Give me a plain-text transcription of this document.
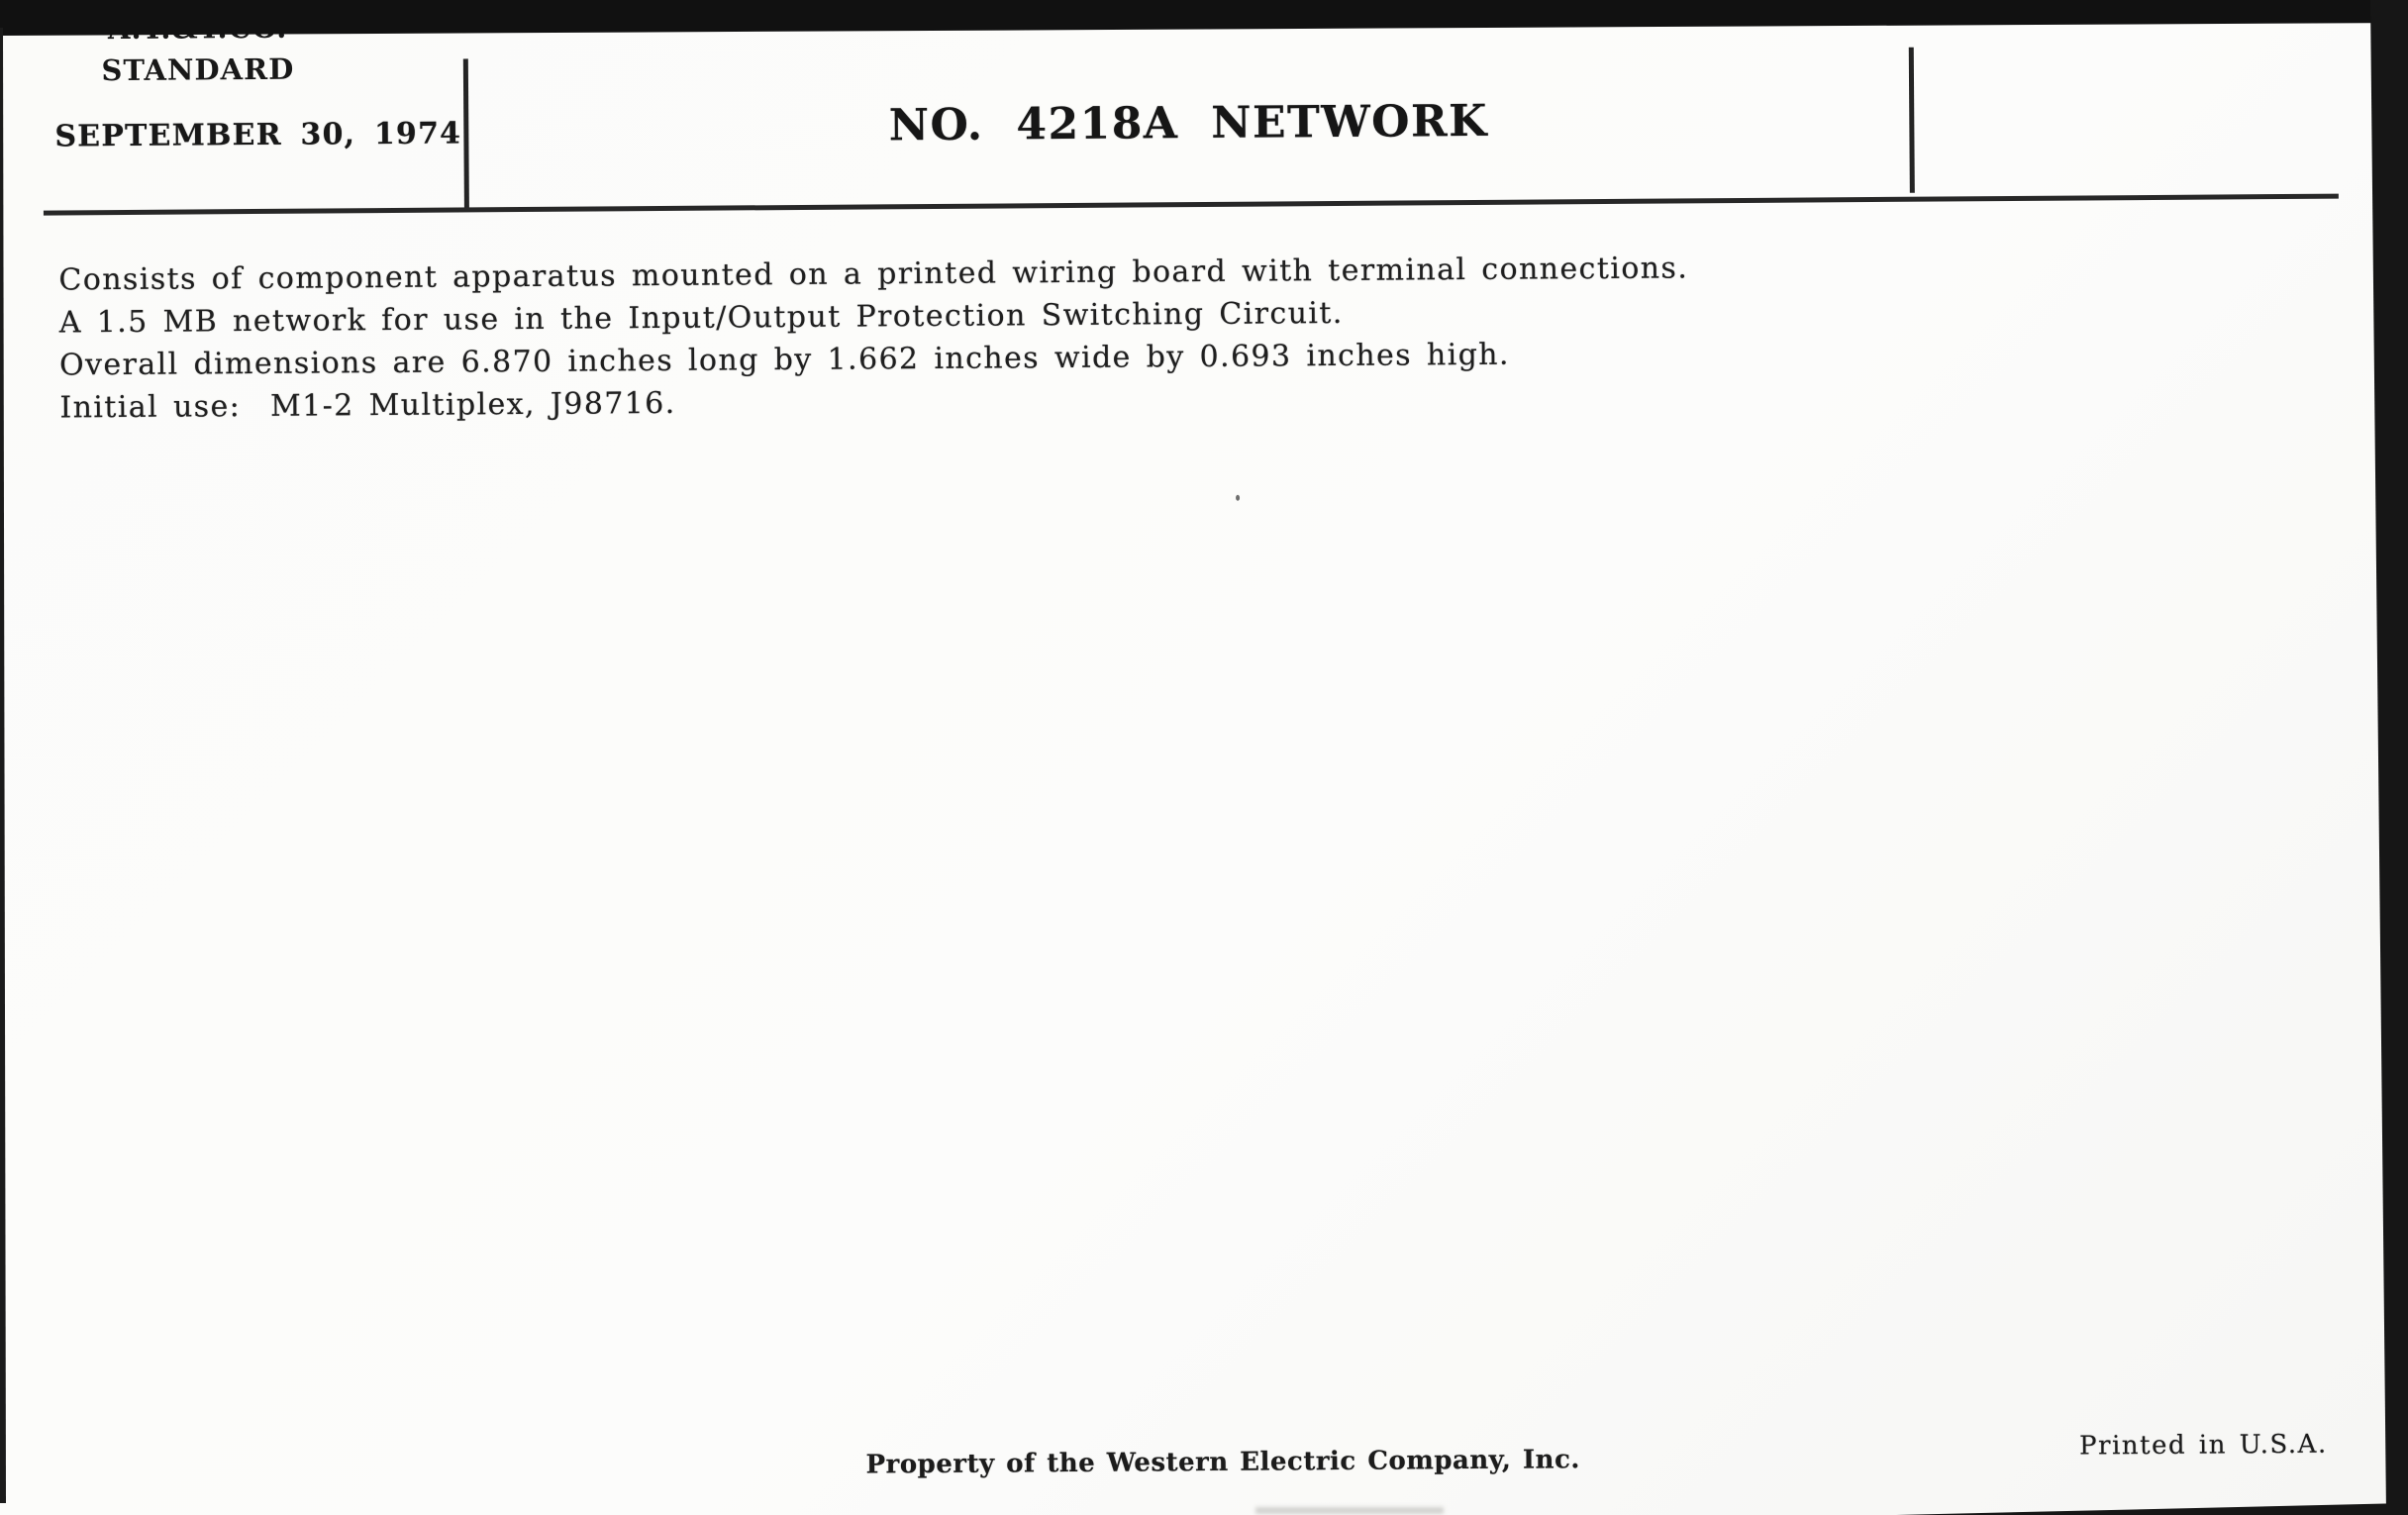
SEPTEMBER 30, 1974	NO. 4218A NETWORK
STANDARD
Consists of component apparatus mounted on a printed wiring board with terminal connections.
A 1.5 MB network for use in the Input/Output Protection Switching Circuit.
Overall dimensions are 6.870 inches long by 1.662 inches wide by 0.693 inches high.
Initial use:  M1-2 Multiplex, J98716.
Property of the Western Electric Company, Inc.	Printed in U.S.A.
